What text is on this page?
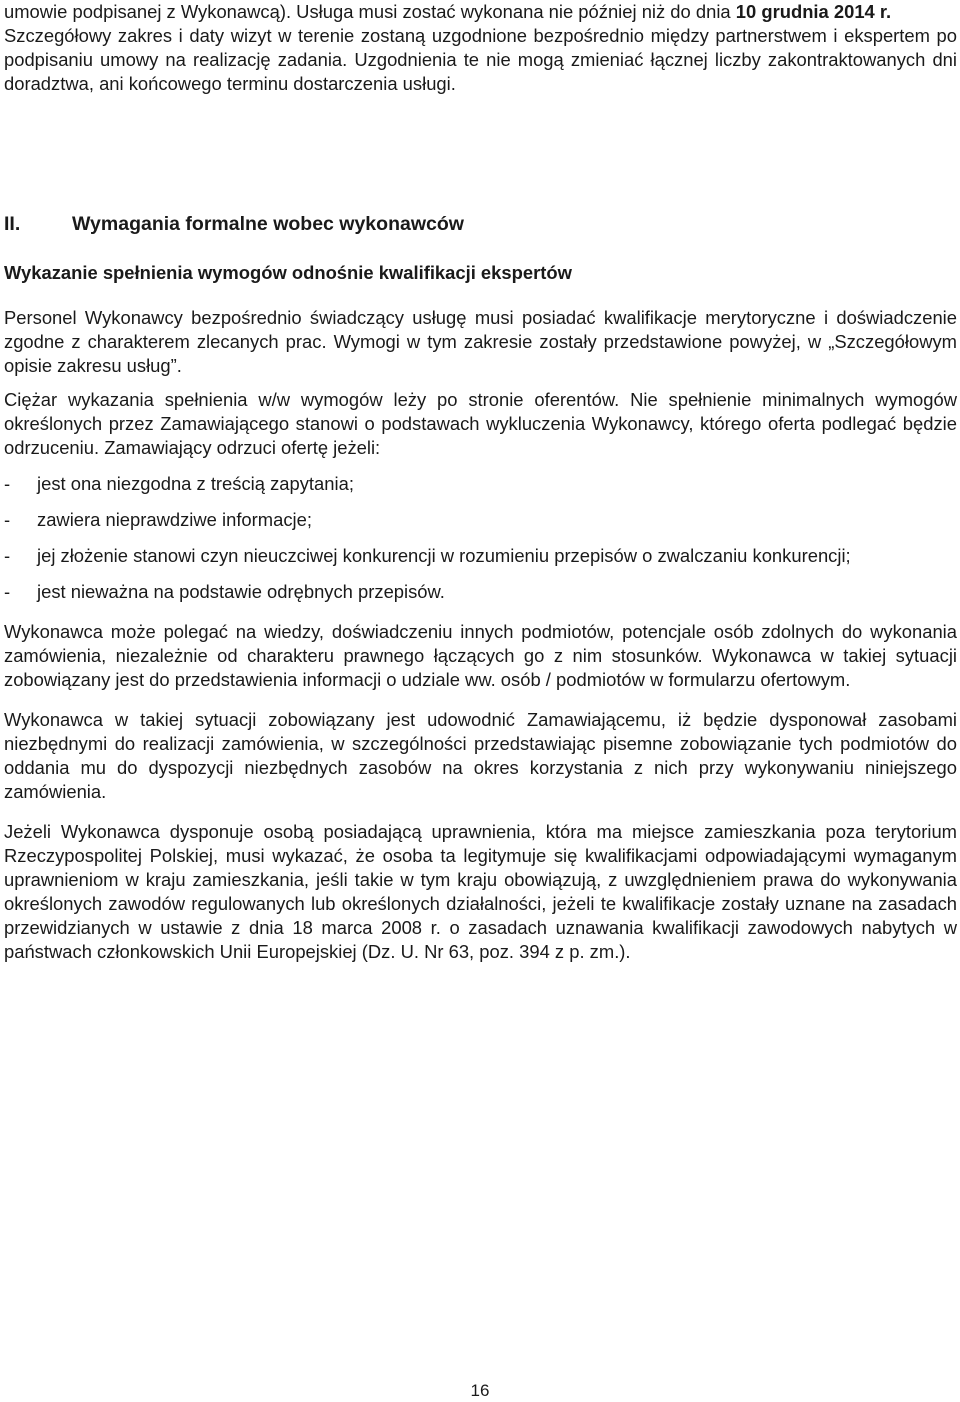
umowie podpisanej z Wykonawcą). Usługa musi zostać wykonana nie później niż do dnia 10 grudnia 2014 r.

Szczegółowy zakres i daty wizyt w terenie zostaną uzgodnione bezpośrednio między partnerstwem i ekspertem po podpisaniu umowy na realizację zadania. Uzgodnienia te nie mogą zmieniać łącznej liczby zakontraktowanych dni doradztwa, ani końcowego terminu dostarczenia usługi.

II.	Wymagania formalne wobec wykonawców
Wykazanie spełnienia wymogów odnośnie kwalifikacji ekspertów

Personel Wykonawcy bezpośrednio świadczący usługę musi posiadać kwalifikacje merytoryczne i doświadczenie zgodne z charakterem zlecanych prac. Wymogi w tym zakresie zostały przedstawione powyżej, w „Szczegółowym opisie zakresu usług”.

Ciężar wykazania spełnienia w/w wymogów leży po stronie oferentów. Nie spełnienie minimalnych wymogów określonych przez Zamawiającego stanowi o podstawach wykluczenia Wykonawcy, którego oferta podlegać będzie odrzuceniu. Zamawiający odrzuci ofertę jeżeli:

- jest ona niezgodna z treścią zapytania;
- zawiera nieprawdziwe informacje;
- jej złożenie stanowi czyn nieuczciwej konkurencji w rozumieniu przepisów o zwalczaniu konkurencji;
- jest nieważna na podstawie odrębnych przepisów.

Wykonawca może polegać na wiedzy, doświadczeniu innych podmiotów, potencjale osób zdolnych do wykonania zamówienia, niezależnie od charakteru prawnego łączących go z nim stosunków. Wykonawca w takiej sytuacji zobowiązany jest do przedstawienia informacji o udziale ww. osób / podmiotów w formularzu ofertowym.

Wykonawca w takiej sytuacji zobowiązany jest udowodnić Zamawiającemu, iż będzie dysponował zasobami niezbędnymi do realizacji zamówienia, w szczególności przedstawiając pisemne zobowiązanie tych podmiotów do oddania mu do dyspozycji niezbędnych zasobów na okres korzystania z nich przy wykonywaniu niniejszego zamówienia.

Jeżeli Wykonawca dysponuje osobą posiadającą uprawnienia, która ma miejsce zamieszkania poza terytorium Rzeczypospolitej Polskiej, musi wykazać, że osoba ta legitymuje się kwalifikacjami odpowiadającymi wymaganym uprawnieniom w kraju zamieszkania, jeśli takie w tym kraju obowiązują, z uwzględnieniem prawa do wykonywania określonych zawodów regulowanych lub określonych działalności, jeżeli te kwalifikacje zostały uznane na zasadach przewidzianych w ustawie z dnia 18 marca 2008 r. o zasadach uznawania kwalifikacji zawodowych nabytych w państwach członkowskich Unii Europejskiej (Dz. U. Nr 63, poz. 394 z p. zm.).

16
